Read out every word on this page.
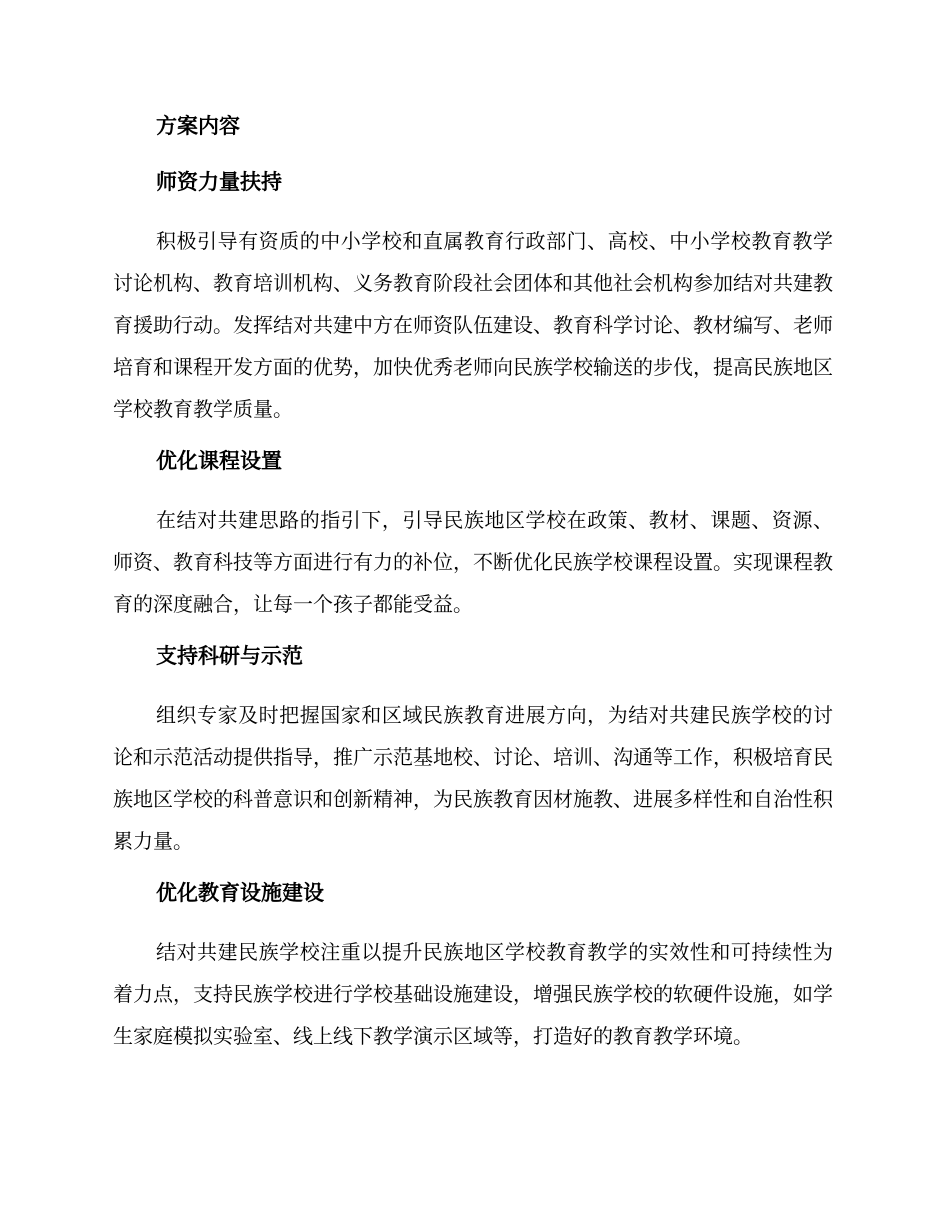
方案内容
师资力量扶持

积极引导有资质的中小学校和直属教育行政部门、高校、中小学校教育教学讨论机构、教育培训机构、义务教育阶段社会团体和其他社会机构参加结对共建教育援助行动。发挥结对共建中方在师资队伍建设、教育科学讨论、教材编写、老师培育和课程开发方面的优势，加快优秀老师向民族学校输送的步伐，提高民族地区学校教育教学质量。

优化课程设置

在结对共建思路的指引下，引导民族地区学校在政策、教材、课题、资源、师资、教育科技等方面进行有力的补位，不断优化民族学校课程设置。实现课程教育的深度融合，让每一个孩子都能受益。

支持科研与示范

组织专家及时把握国家和区域民族教育进展方向，为结对共建民族学校的讨论和示范活动提供指导，推广示范基地校、讨论、培训、沟通等工作，积极培育民族地区学校的科普意识和创新精神，为民族教育因材施教、进展多样性和自治性积累力量。

优化教育设施建设

结对共建民族学校注重以提升民族地区学校教育教学的实效性和可持续性为着力点，支持民族学校进行学校基础设施建设，增强民族学校的软硬件设施，如学生家庭模拟实验室、线上线下教学演示区域等，打造好的教育教学环境。
